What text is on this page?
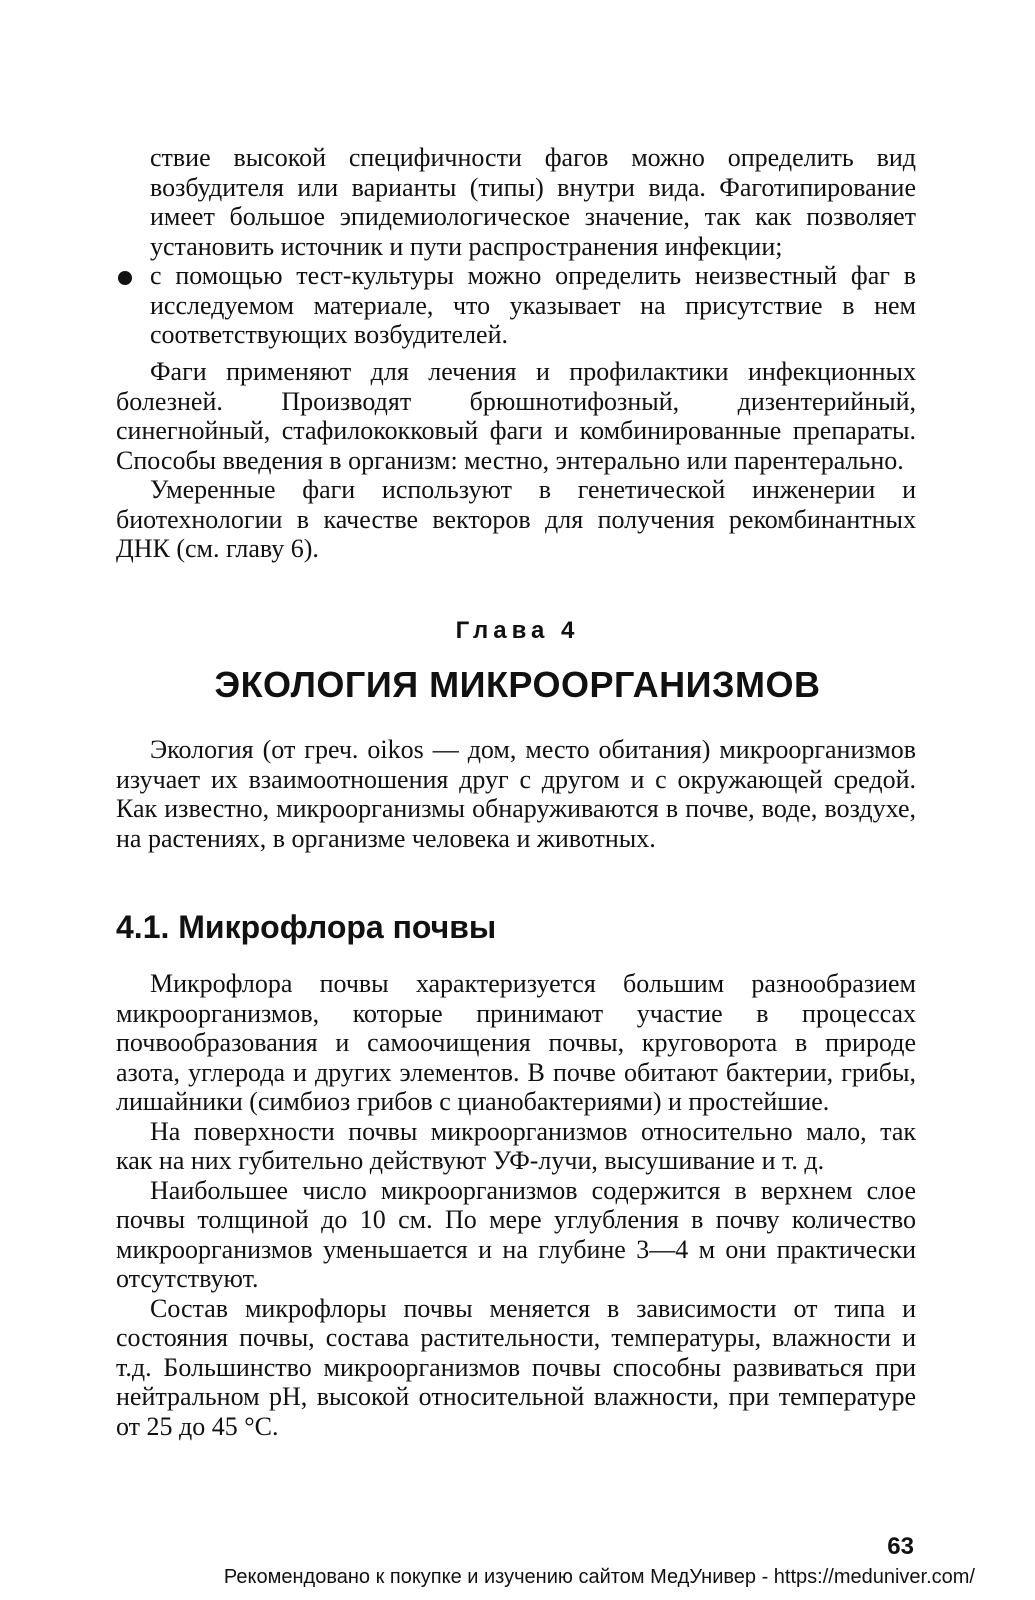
ствие высокой специфичности фагов можно определить вид возбудителя или варианты (типы) внутри вида. Фаготипирование имеет большое эпидемиологическое значение, так как позволяет установить источник и пути распространения инфекции;

с помощью тест-культуры можно определить неизвестный фаг в исследуемом материале, что указывает на присутствие в нем соответствующих возбудителей.

Фаги применяют для лечения и профилактики инфекционных болезней. Производят брюшнотифозный, дизентерийный, синегнойный, стафилококковый фаги и комбинированные препараты. Способы введения в организм: местно, энтерально или парентерально.

Умеренные фаги используют в генетической инженерии и биотехнологии в качестве векторов для получения рекомбинантных ДНК (см. главу 6).

Глава 4
ЭКОЛОГИЯ МИКРООРГАНИЗМОВ

Экология (от греч. oikos — дом, место обитания) микроорганизмов изучает их взаимоотношения друг с другом и с окружающей средой. Как известно, микроорганизмы обнаруживаются в почве, воде, воздухе, на растениях, в организме человека и животных.

4.1. Микрофлора почвы

Микрофлора почвы характеризуется большим разнообразием микроорганизмов, которые принимают участие в процессах почвообразования и самоочищения почвы, круговорота в природе азота, углерода и других элементов. В почве обитают бактерии, грибы, лишайники (симбиоз грибов с цианобактериями) и простейшие.

На поверхности почвы микроорганизмов относительно мало, так как на них губительно действуют УФ-лучи, высушивание и т. д.

Наибольшее число микроорганизмов содержится в верхнем слое почвы толщиной до 10 см. По мере углубления в почву количество микроорганизмов уменьшается и на глубине 3—4 м они практически отсутствуют.

Состав микрофлоры почвы меняется в зависимости от типа и состояния почвы, состава растительности, температуры, влажности и т.д. Большинство микроорганизмов почвы способны развиваться при нейтральном pH, высокой относительной влажности, при температуре от 25 до 45 °С.

63
Рекомендовано к покупке и изучению сайтом МедУнивер - https://meduniver.com/
